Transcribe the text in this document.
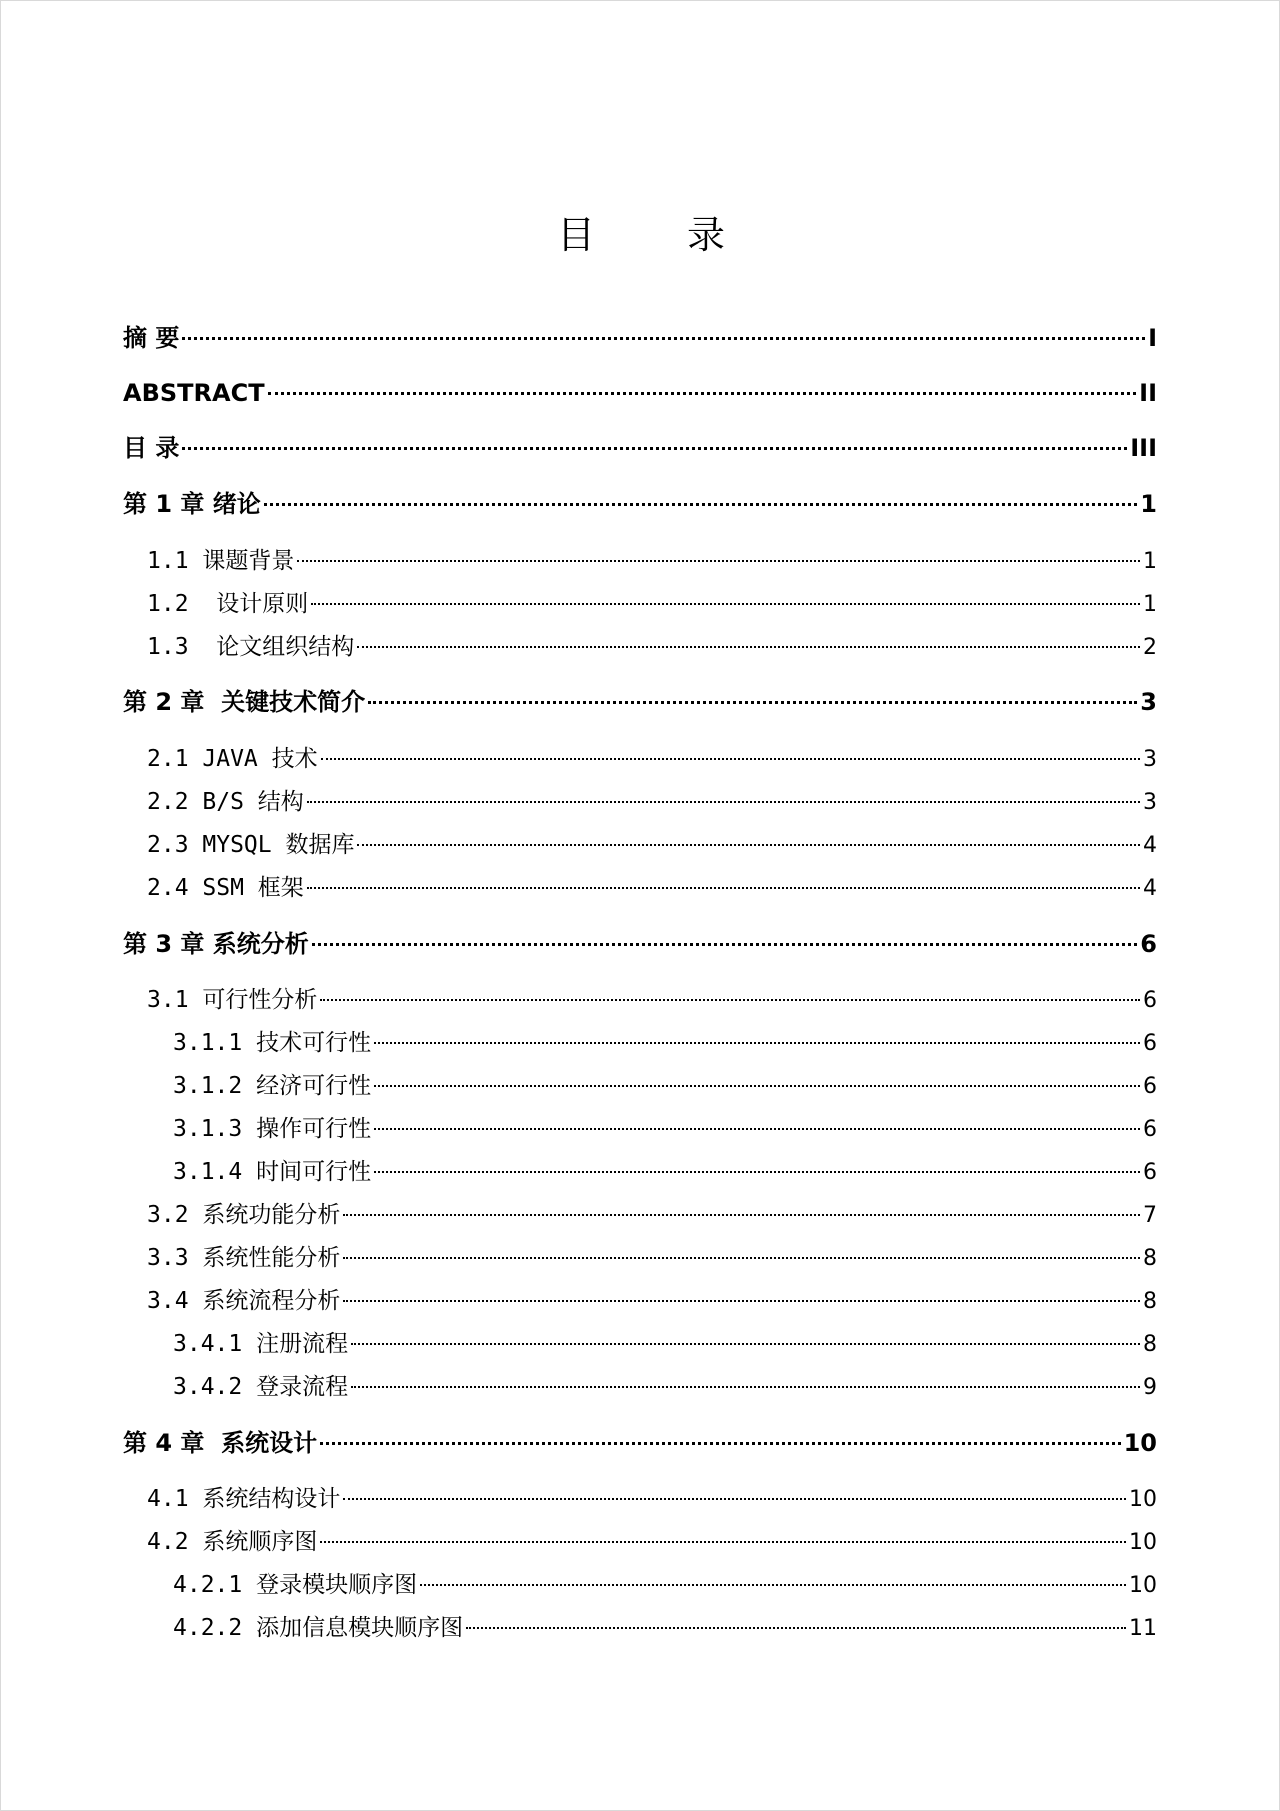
目 录
摘 要	I
ABSTRACT	II
目 录	III
第 1 章 绪论	1
1.1 课题背景	1
1.2  设计原则	1
1.3  论文组织结构	2
第 2 章  关键技术简介	3
2.1 JAVA 技术	3
2.2 B/S 结构	3
2.3 MYSQL 数据库	4
2.4 SSM 框架	4
第 3 章 系统分析	6
3.1 可行性分析	6
3.1.1 技术可行性	6
3.1.2 经济可行性	6
3.1.3 操作可行性	6
3.1.4 时间可行性	6
3.2 系统功能分析	7
3.3 系统性能分析	8
3.4 系统流程分析	8
3.4.1 注册流程	8
3.4.2 登录流程	9
第 4 章  系统设计	10
4.1 系统结构设计	10
4.2 系统顺序图	10
4.2.1 登录模块顺序图	10
4.2.2 添加信息模块顺序图	11
